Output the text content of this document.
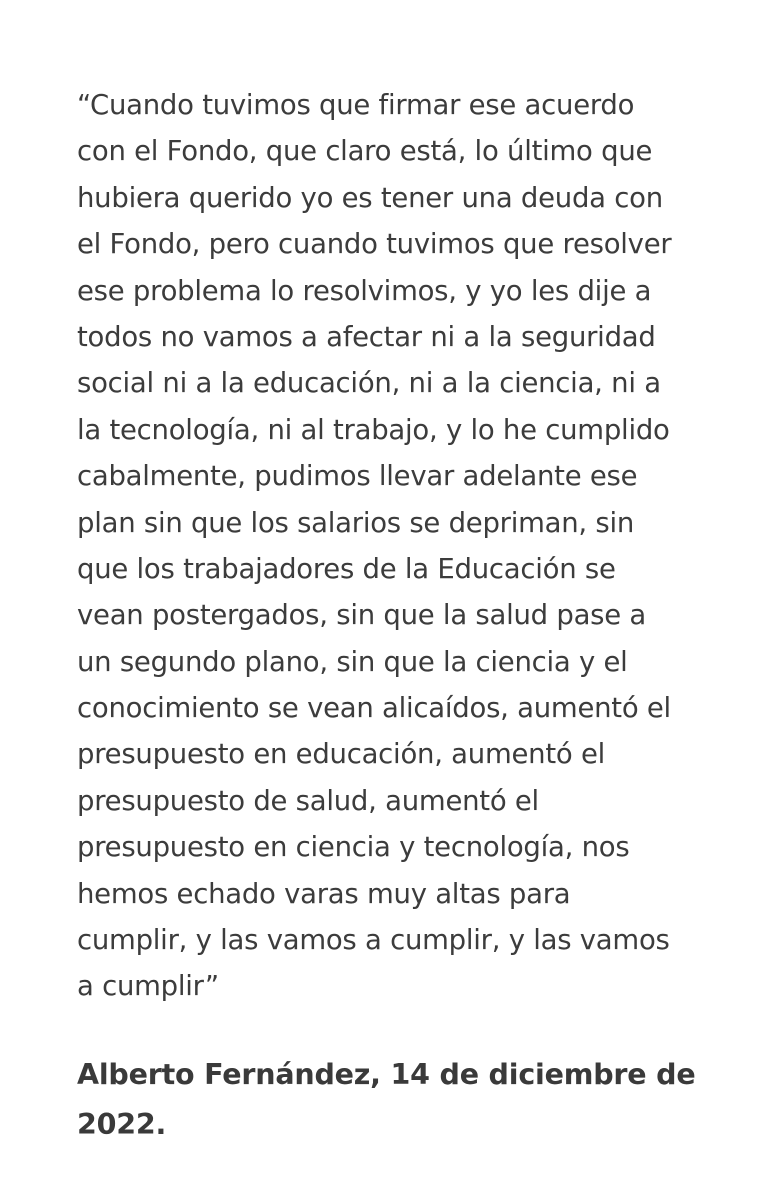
“Cuando tuvimos que firmar ese acuerdo
con el Fondo, que claro está, lo último que
hubiera querido yo es tener una deuda con
el Fondo, pero cuando tuvimos que resolver
ese problema lo resolvimos, y yo les dije a
todos no vamos a afectar ni a la seguridad
social ni a la educación, ni a la ciencia, ni a
la tecnología, ni al trabajo, y lo he cumplido
cabalmente, pudimos llevar adelante ese
plan sin que los salarios se depriman, sin
que los trabajadores de la Educación se
vean postergados, sin que la salud pase a
un segundo plano, sin que la ciencia y el
conocimiento se vean alicaídos, aumentó el
presupuesto en educación, aumentó el
presupuesto de salud, aumentó el
presupuesto en ciencia y tecnología, nos
hemos echado varas muy altas para
cumplir, y las vamos a cumplir, y las vamos
a cumplir”
Alberto Fernández, 14 de diciembre de
2022.
